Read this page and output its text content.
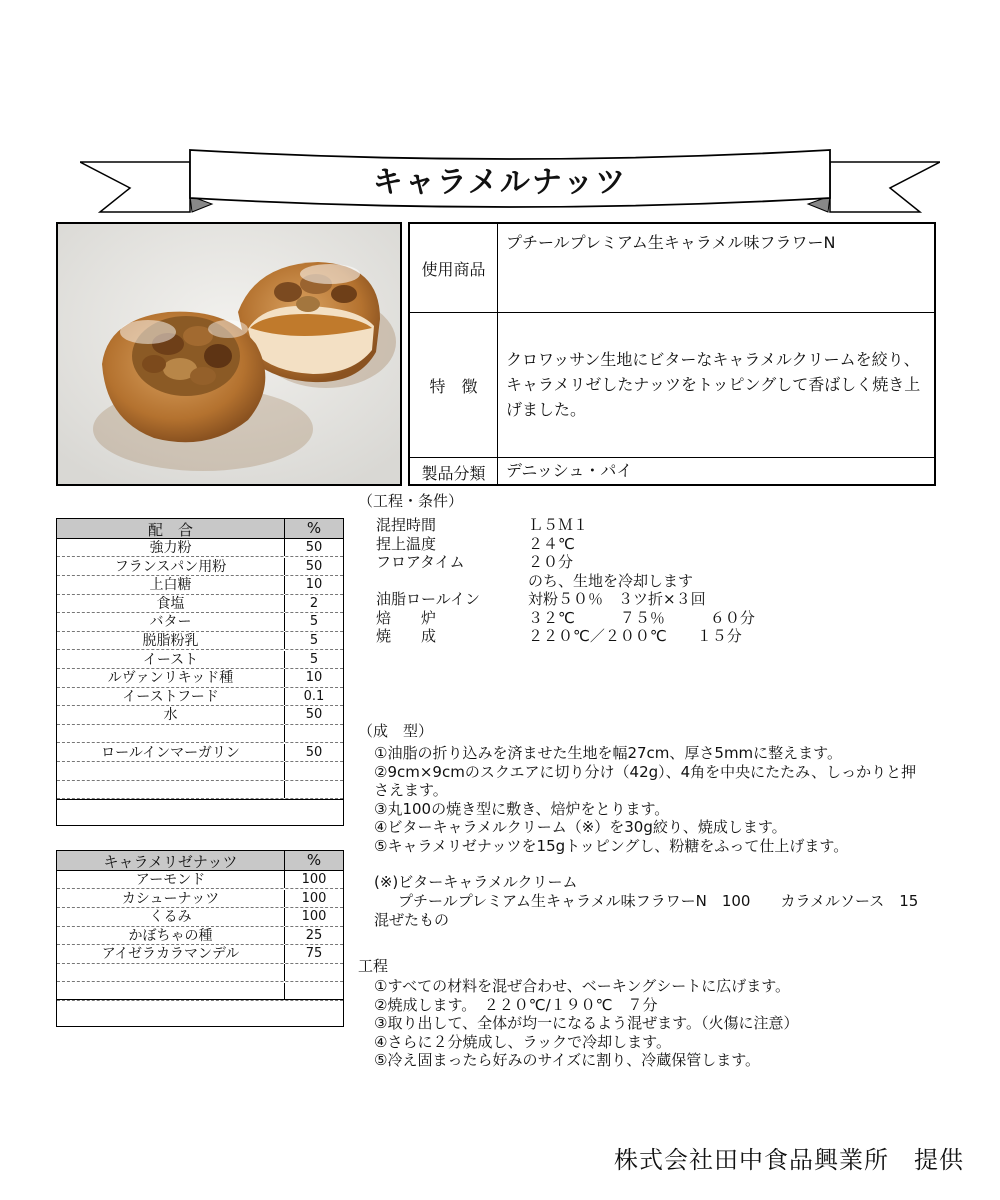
キャラメルナッツ
使用商品
プチールプレミアム生キャラメル味フラワーN
特　徴
クロワッサン生地にビターなキャラメルクリームを絞り、キャラメリゼしたナッツをトッピングして香ばしく焼き上げました。
製品分類	デニッシュ・パイ
配　合	%
強力粉	50
フランスパン用粉	50
上白糖	10
食塩	2
バター	5
脱脂粉乳	5
イースト	5
ルヴァンリキッド種	10
イーストフード	0.1
水	50
ロールインマーガリン	50
キャラメリゼナッツ	%
アーモンド	100
カシューナッツ	100
くるみ	100
かぼちゃの種	25
アイゼラカラマンデル	75
（工程・条件）
混捏時間	Ｌ５Ｍ１
捏上温度	２４℃
フロアタイム	２０分
のち、生地を冷却します
油脂ロールイン	対粉５０％　３ツ折×３回
焙　　炉	３２℃　　　７５％　　　６０分
焼　　成	２２０℃／２００℃　　１５分
（成　型）
①油脂の折り込みを済ませた生地を幅27cm、厚さ5mmに整えます。
②9cm×9cmのスクエアに切り分け（42g）、4角を中央にたたみ、しっかりと押
さえます。
③丸100の焼き型に敷き、焙炉をとります。
④ビターキャラメルクリーム（※）を30g絞り、焼成します。
⑤キャラメリゼナッツを15gトッピングし、粉糖をふって仕上げます。
(※)ビターキャラメルクリーム
プチールプレミアム生キャラメル味フラワーN　100　　カラメルソース　15
混ぜたもの
工程
①すべての材料を混ぜ合わせ、ベーキングシートに広げます。
②焼成します。　２２０℃/１９０℃　７分
③取り出して、全体が均一になるよう混ぜます。（火傷に注意）
④さらに２分焼成し、ラックで冷却します。
⑤冷え固まったら好みのサイズに割り、冷蔵保管します。
株式会社田中食品興業所　提供
